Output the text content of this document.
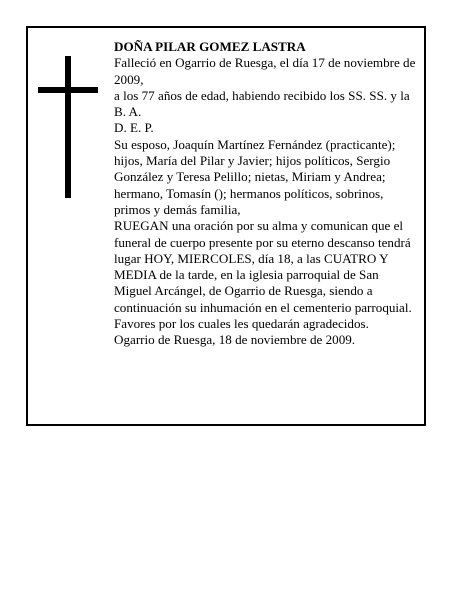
DOÑA PILAR GOMEZ LASTRA

Falleció en Ogarrio de Ruesga, el día 17 de noviembre de 2009,

a los 77 años de edad, habiendo recibido los SS. SS. y la B. A.

D. E. P.

Su esposo, Joaquín Martínez Fernández (practicante); hijos, María del Pilar y Javier; hijos políticos, Sergio González y Teresa Pelillo; nietas, Miriam y Andrea; hermano, Tomasín (); hermanos políticos, sobrinos, primos y demás familia,

RUEGAN una oración por su alma y comunican que el funeral de cuerpo presente por su eterno descanso tendrá lugar HOY, MIERCOLES, día 18, a las CUATRO Y MEDIA de la tarde, en la iglesia parroquial de San Miguel Arcángel, de Ogarrio de Ruesga, siendo a continuación su inhumación en el cementerio parroquial. Favores por los cuales les quedarán agradecidos.

Ogarrio de Ruesga, 18 de noviembre de 2009.
